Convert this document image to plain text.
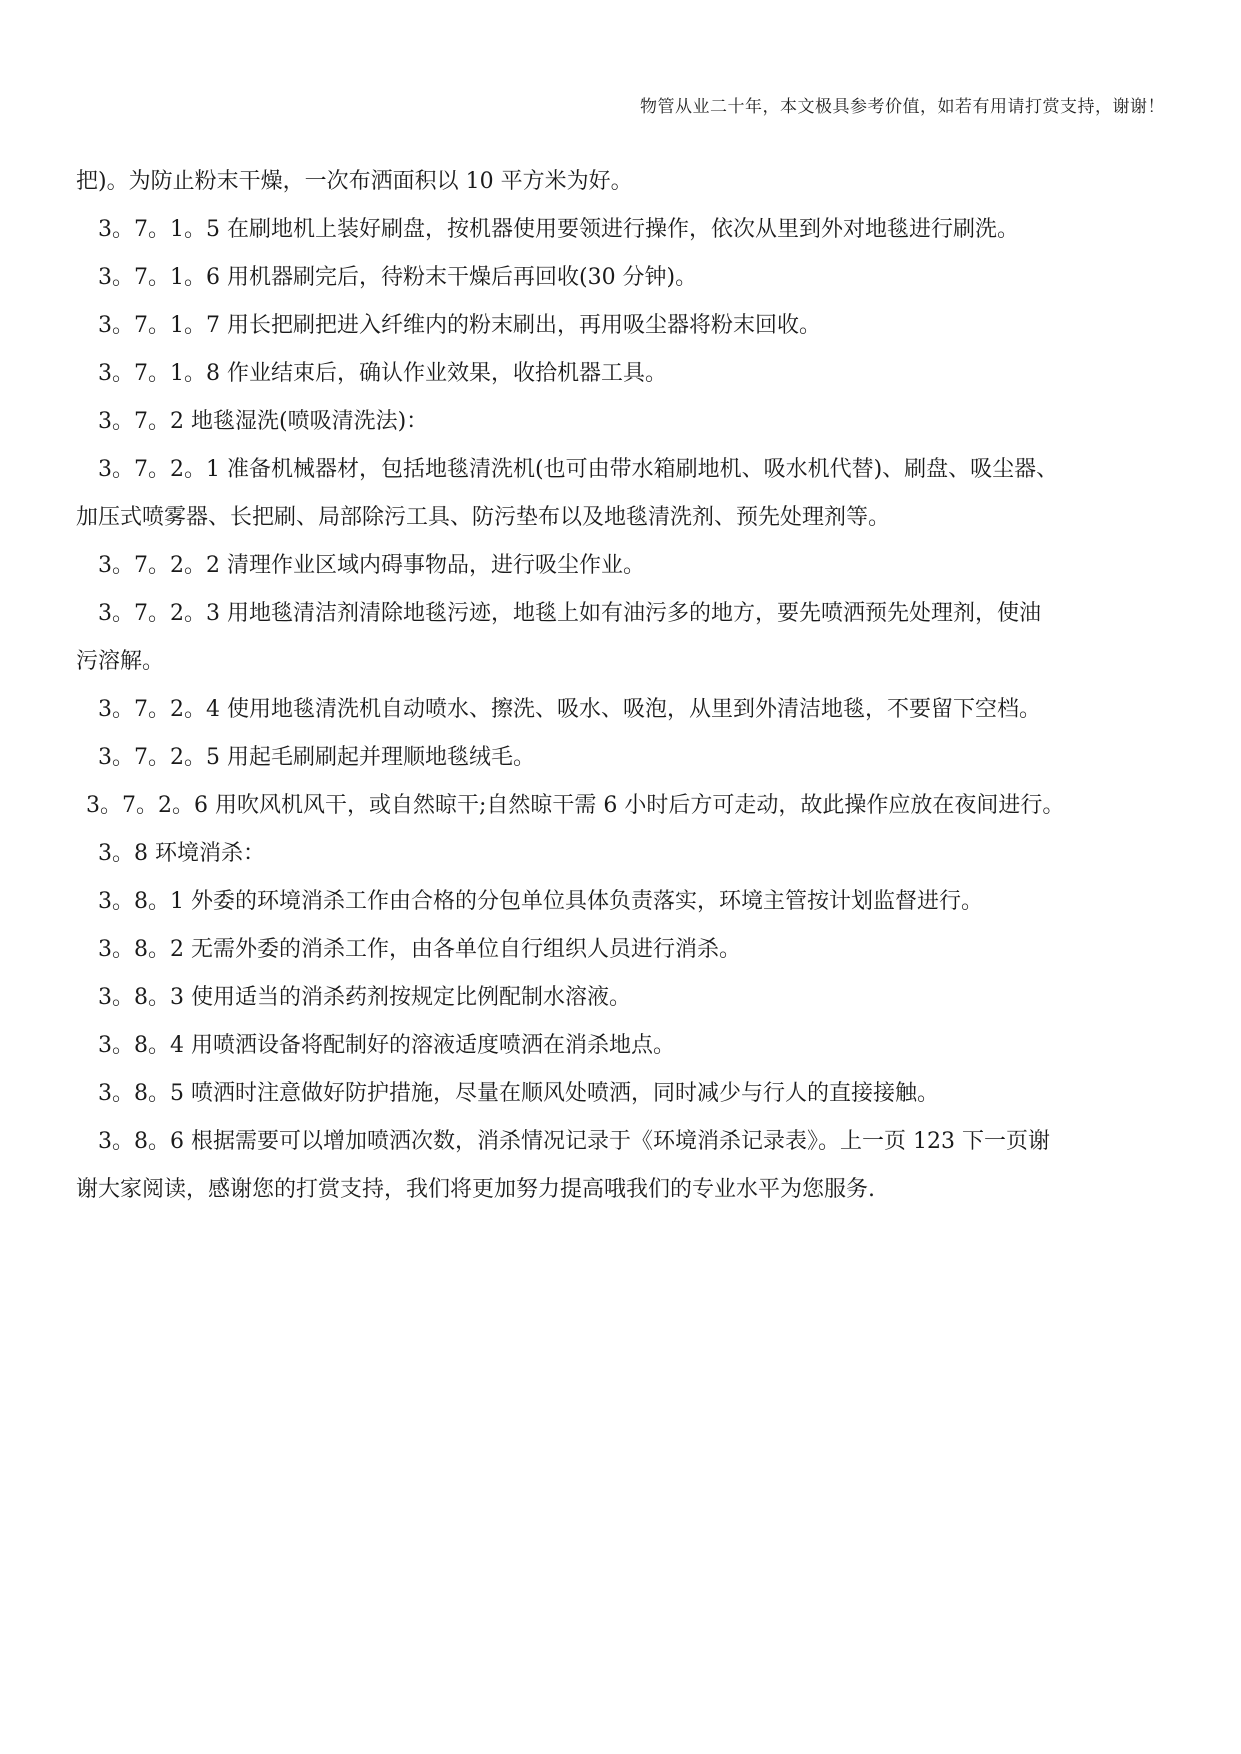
物管从业二十年，本文极具参考价值，如若有用请打赏支持，谢谢！

把)。为防止粉末干燥，一次布洒面积以 10 平方米为好。

3。7。1。5 在刷地机上装好刷盘，按机器使用要领进行操作，依次从里到外对地毯进行刷洗。

3。7。1。6 用机器刷完后，待粉末干燥后再回收(30 分钟)。

3。7。1。7 用长把刷把进入纤维内的粉末刷出，再用吸尘器将粉末回收。

3。7。1。8 作业结束后，确认作业效果，收拾机器工具。

3。7。2 地毯湿洗(喷吸清洗法)：

3。7。2。1 准备机械器材，包括地毯清洗机(也可由带水箱刷地机、吸水机代替)、刷盘、吸尘器、

加压式喷雾器、长把刷、局部除污工具、防污垫布以及地毯清洗剂、预先处理剂等。

3。7。2。2 清理作业区域内碍事物品，进行吸尘作业。

3。7。2。3 用地毯清洁剂清除地毯污迹，地毯上如有油污多的地方，要先喷洒预先处理剂，使油

污溶解。

3。7。2。4 使用地毯清洗机自动喷水、擦洗、吸水、吸泡，从里到外清洁地毯，不要留下空档。

3。7。2。5 用起毛刷刷起并理顺地毯绒毛。

3。7。2。6 用吹风机风干，或自然晾干;自然晾干需 6 小时后方可走动，故此操作应放在夜间进行。

3。8 环境消杀：

3。8。1 外委的环境消杀工作由合格的分包单位具体负责落实，环境主管按计划监督进行。

3。8。2 无需外委的消杀工作，由各单位自行组织人员进行消杀。

3。8。3 使用适当的消杀药剂按规定比例配制水溶液。

3。8。4 用喷洒设备将配制好的溶液适度喷洒在消杀地点。

3。8。5 喷洒时注意做好防护措施，尽量在顺风处喷洒，同时减少与行人的直接接触。

3。8。6 根据需要可以增加喷洒次数，消杀情况记录于《环境消杀记录表》。上一页 123 下一页谢

谢大家阅读，感谢您的打赏支持，我们将更加努力提高哦我们的专业水平为您服务.
